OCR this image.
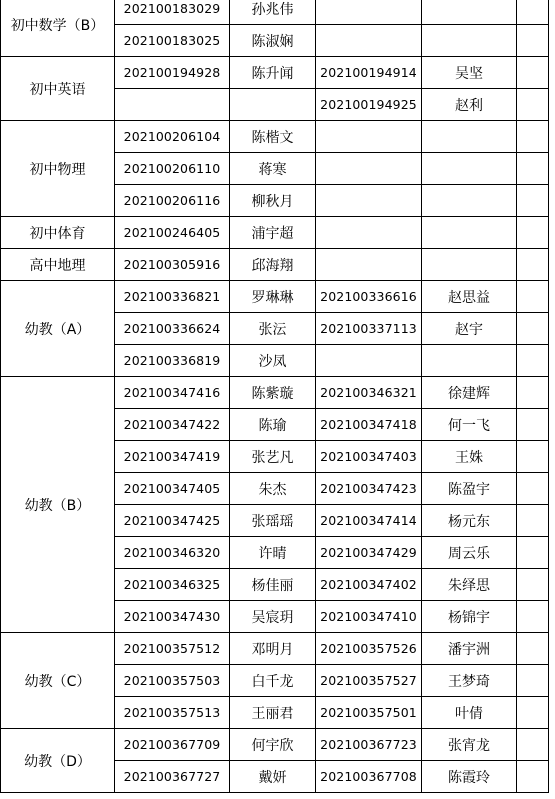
初中数学（B）	202100183029	孙兆伟			
	202100183025	陈淑娴			
初中英语	202100194928	陈升闻	202100194914	吴坚	
			202100194925	赵利	
初中物理	202100206104	陈楷文			
	202100206110	蒋寒			
	202100206116	柳秋月			
初中体育	202100246405	浦宇超			
高中地理	202100305916	邱海翔			
幼教（A）	202100336821	罗琳琳	202100336616	赵思益	
	202100336624	张沄	202100337113	赵宇	
	202100336819	沙凤			
幼教（B）	202100347416	陈紫璇	202100346321	徐建辉	
	202100347422	陈瑜	202100347418	何一飞	
	202100347419	张艺凡	202100347403	王姝	
	202100347405	朱杰	202100347423	陈盈宇	
	202100347425	张瑶瑶	202100347414	杨元东	
	202100346320	许晴	202100347429	周云乐	
	202100346325	杨佳丽	202100347402	朱绎思	
	202100347430	吴宸玥	202100347410	杨锦宇	
幼教（C）	202100357512	邓明月	202100357526	潘宇洲	
	202100357503	白千龙	202100357527	王梦琦	
	202100357513	王丽君	202100357501	叶倩	
幼教（D）	202100367709	何宇欣	202100367723	张宵龙	
	202100367727	戴妍	202100367708	陈霞玲	
